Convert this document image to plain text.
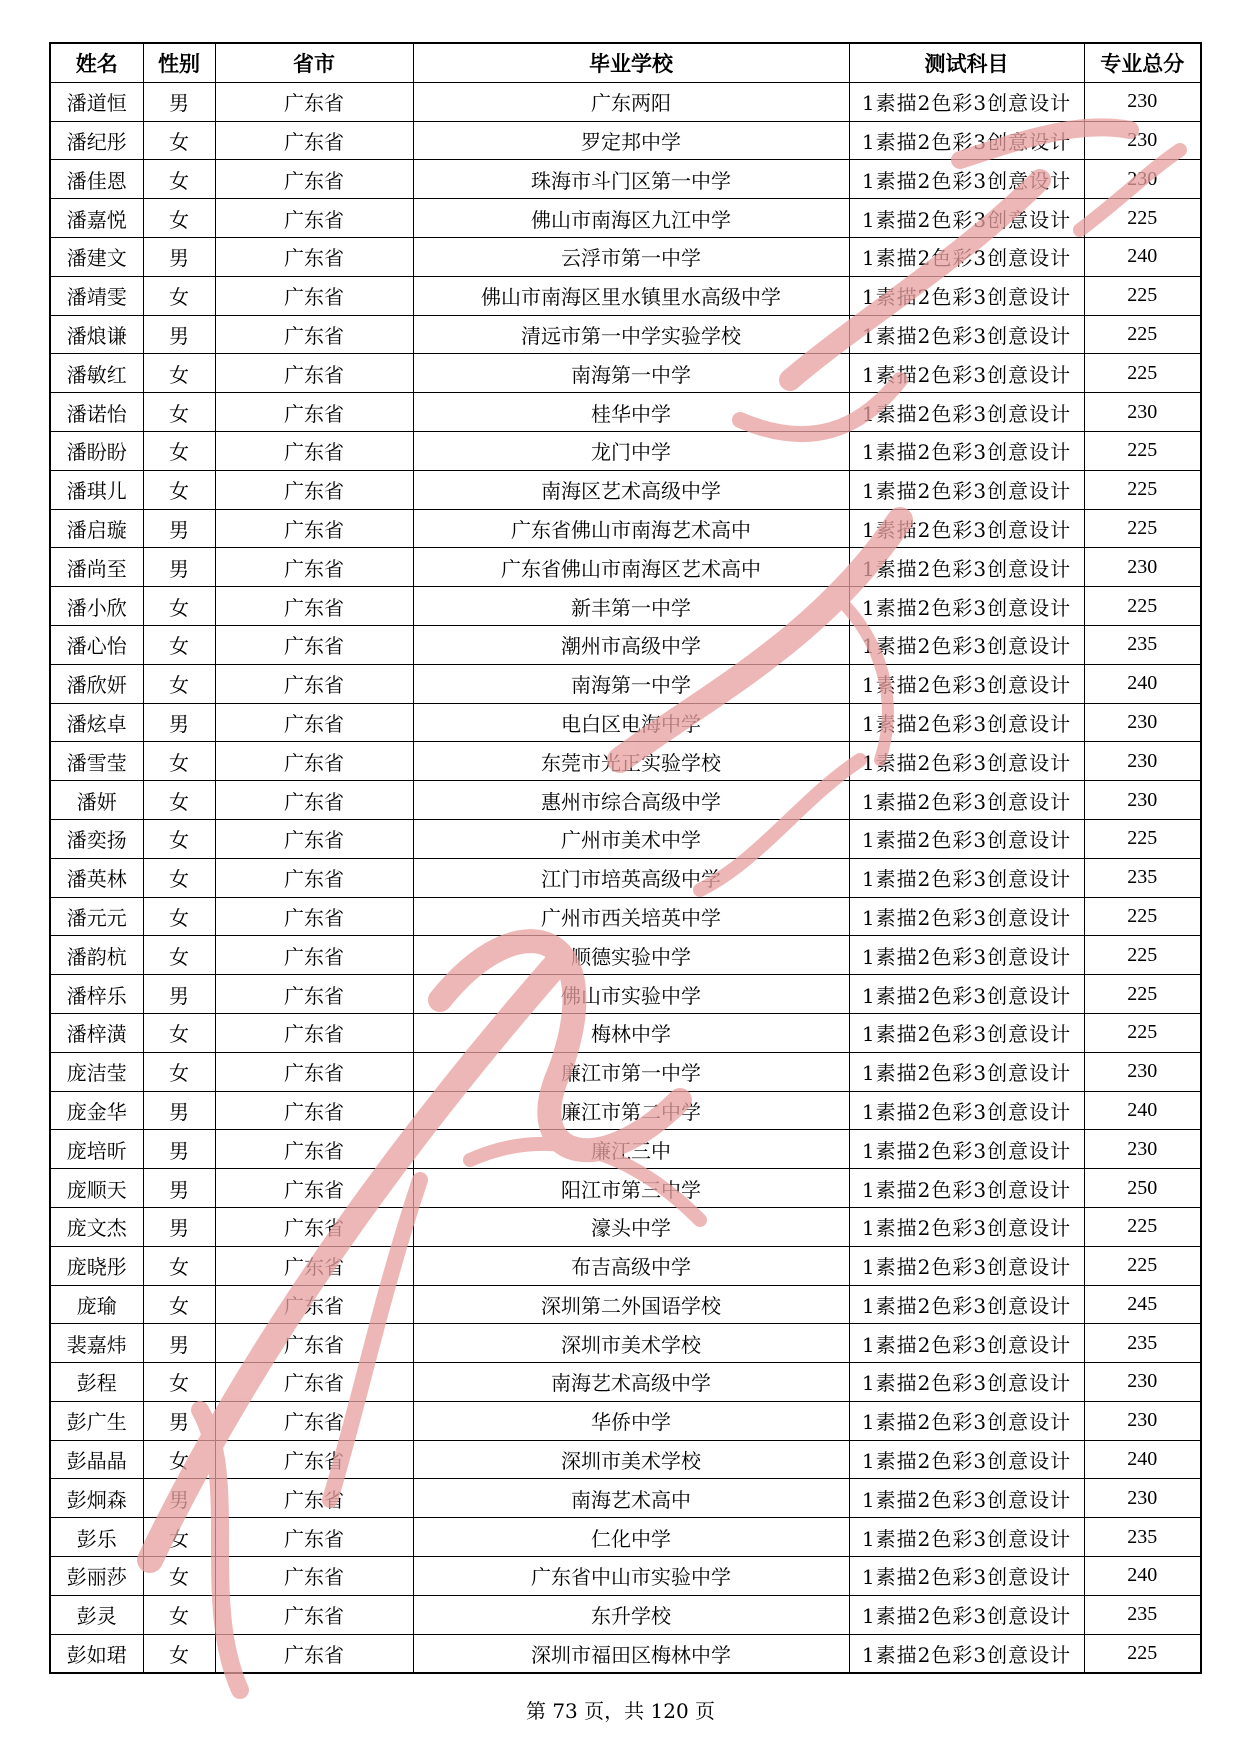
姓名	性别	省市	毕业学校	测试科目	专业总分
潘道恒	男	广东省	广东两阳	1素描2色彩3创意设计	230
潘纪彤	女	广东省	罗定邦中学	1素描2色彩3创意设计	230
潘佳恩	女	广东省	珠海市斗门区第一中学	1素描2色彩3创意设计	230
潘嘉悦	女	广东省	佛山市南海区九江中学	1素描2色彩3创意设计	225
潘建文	男	广东省	云浮市第一中学	1素描2色彩3创意设计	240
潘靖雯	女	广东省	佛山市南海区里水镇里水高级中学	1素描2色彩3创意设计	225
潘烺谦	男	广东省	清远市第一中学实验学校	1素描2色彩3创意设计	225
潘敏红	女	广东省	南海第一中学	1素描2色彩3创意设计	225
潘诺怡	女	广东省	桂华中学	1素描2色彩3创意设计	230
潘盼盼	女	广东省	龙门中学	1素描2色彩3创意设计	225
潘琪儿	女	广东省	南海区艺术高级中学	1素描2色彩3创意设计	225
潘启璇	男	广东省	广东省佛山市南海艺术高中	1素描2色彩3创意设计	225
潘尚至	男	广东省	广东省佛山市南海区艺术高中	1素描2色彩3创意设计	230
潘小欣	女	广东省	新丰第一中学	1素描2色彩3创意设计	225
潘心怡	女	广东省	潮州市高级中学	1素描2色彩3创意设计	235
潘欣妍	女	广东省	南海第一中学	1素描2色彩3创意设计	240
潘炫卓	男	广东省	电白区电海中学	1素描2色彩3创意设计	230
潘雪莹	女	广东省	东莞市光正实验学校	1素描2色彩3创意设计	230
潘妍	女	广东省	惠州市综合高级中学	1素描2色彩3创意设计	230
潘奕扬	女	广东省	广州市美术中学	1素描2色彩3创意设计	225
潘英林	女	广东省	江门市培英高级中学	1素描2色彩3创意设计	235
潘元元	女	广东省	广州市西关培英中学	1素描2色彩3创意设计	225
潘韵杭	女	广东省	顺德实验中学	1素描2色彩3创意设计	225
潘梓乐	男	广东省	佛山市实验中学	1素描2色彩3创意设计	225
潘梓潢	女	广东省	梅林中学	1素描2色彩3创意设计	225
庞洁莹	女	广东省	廉江市第一中学	1素描2色彩3创意设计	230
庞金华	男	广东省	廉江市第二中学	1素描2色彩3创意设计	240
庞培昕	男	广东省	廉江三中	1素描2色彩3创意设计	230
庞顺天	男	广东省	阳江市第三中学	1素描2色彩3创意设计	250
庞文杰	男	广东省	濠头中学	1素描2色彩3创意设计	225
庞晓彤	女	广东省	布吉高级中学	1素描2色彩3创意设计	225
庞瑜	女	广东省	深圳第二外国语学校	1素描2色彩3创意设计	245
裴嘉炜	男	广东省	深圳市美术学校	1素描2色彩3创意设计	235
彭程	女	广东省	南海艺术高级中学	1素描2色彩3创意设计	230
彭广生	男	广东省	华侨中学	1素描2色彩3创意设计	230
彭晶晶	女	广东省	深圳市美术学校	1素描2色彩3创意设计	240
彭炯森	男	广东省	南海艺术高中	1素描2色彩3创意设计	230
彭乐	女	广东省	仁化中学	1素描2色彩3创意设计	235
彭丽莎	女	广东省	广东省中山市实验中学	1素描2色彩3创意设计	240
彭灵	女	广东省	东升学校	1素描2色彩3创意设计	235
彭如珺	女	广东省	深圳市福田区梅林中学	1素描2色彩3创意设计	225
第 73 页，共 120 页
